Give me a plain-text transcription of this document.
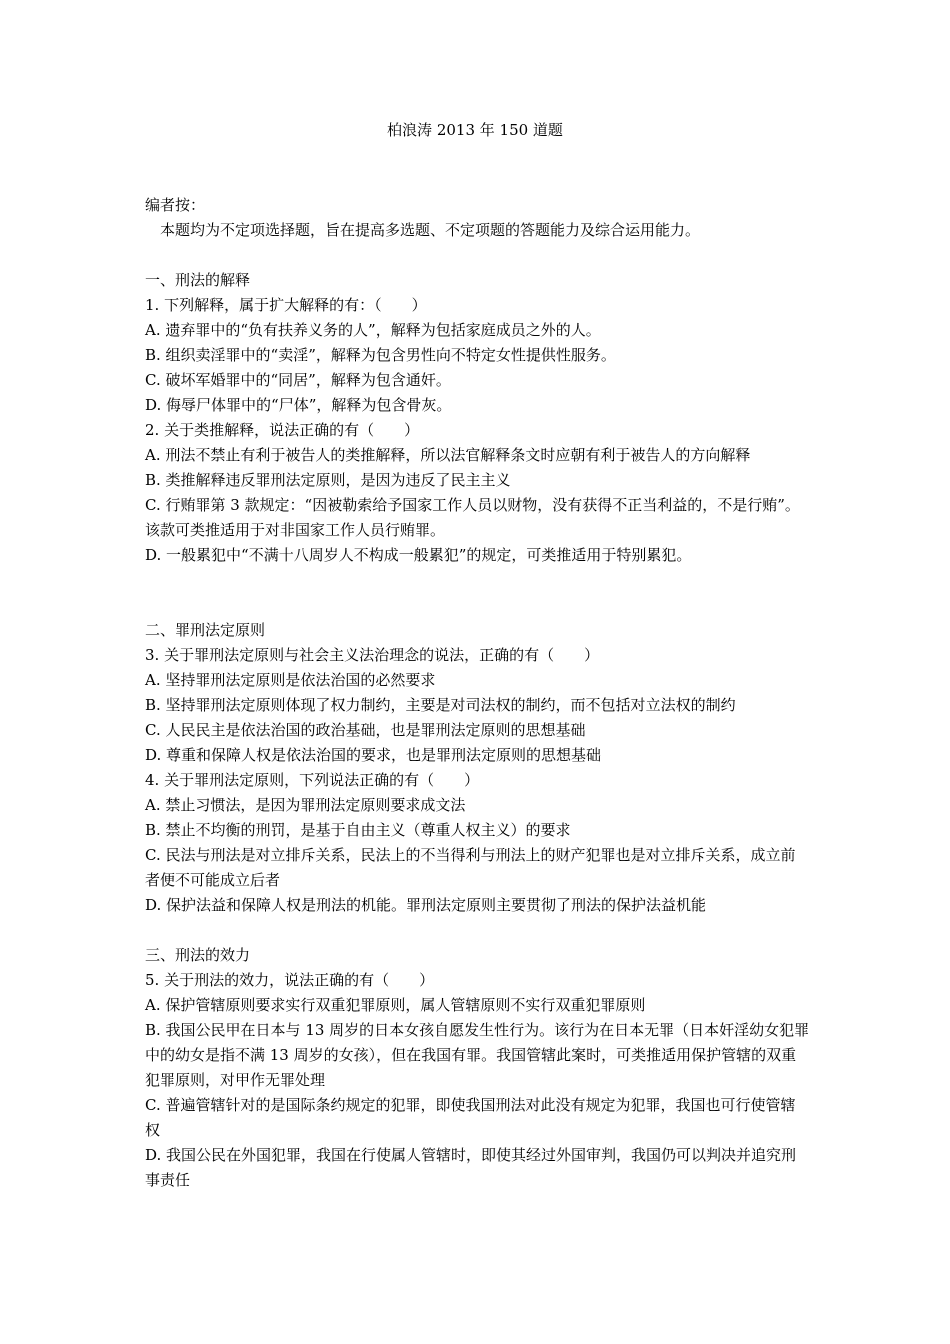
柏浪涛 2013 年 150 道题

编者按：

本题均为不定项选择题，旨在提高多选题、不定项题的答题能力及综合运用能力。

一、刑法的解释

1. 下列解释，属于扩大解释的有：（　　）

A. 遗弃罪中的“负有扶养义务的人”，解释为包括家庭成员之外的人。

B. 组织卖淫罪中的“卖淫”，解释为包含男性向不特定女性提供性服务。

C. 破坏军婚罪中的“同居”，解释为包含通奸。

D. 侮辱尸体罪中的“尸体”，解释为包含骨灰。

2. 关于类推解释，说法正确的有（　　）

A. 刑法不禁止有利于被告人的类推解释，所以法官解释条文时应朝有利于被告人的方向解释

B. 类推解释违反罪刑法定原则，是因为违反了民主主义

C. 行贿罪第 3 款规定：“因被勒索给予国家工作人员以财物，没有获得不正当利益的，不是行贿”。该款可类推适用于对非国家工作人员行贿罪。

D. 一般累犯中“不满十八周岁人不构成一般累犯”的规定，可类推适用于特别累犯。

二、罪刑法定原则

3. 关于罪刑法定原则与社会主义法治理念的说法，正确的有（　　）

A. 坚持罪刑法定原则是依法治国的必然要求

B. 坚持罪刑法定原则体现了权力制约，主要是对司法权的制约，而不包括对立法权的制约

C. 人民民主是依法治国的政治基础，也是罪刑法定原则的思想基础

D. 尊重和保障人权是依法治国的要求，也是罪刑法定原则的思想基础

4. 关于罪刑法定原则，下列说法正确的有（　　）

A. 禁止习惯法，是因为罪刑法定原则要求成文法

B. 禁止不均衡的刑罚，是基于自由主义（尊重人权主义）的要求

C. 民法与刑法是对立排斥关系，民法上的不当得利与刑法上的财产犯罪也是对立排斥关系，成立前者便不可能成立后者

D. 保护法益和保障人权是刑法的机能。罪刑法定原则主要贯彻了刑法的保护法益机能

三、刑法的效力

5. 关于刑法的效力，说法正确的有（　　）

A. 保护管辖原则要求实行双重犯罪原则，属人管辖原则不实行双重犯罪原则

B. 我国公民甲在日本与 13 周岁的日本女孩自愿发生性行为。该行为在日本无罪（日本奸淫幼女犯罪中的幼女是指不满 13 周岁的女孩），但在我国有罪。我国管辖此案时，可类推适用保护管辖的双重犯罪原则，对甲作无罪处理

C. 普遍管辖针对的是国际条约规定的犯罪，即使我国刑法对此没有规定为犯罪，我国也可行使管辖权

D. 我国公民在外国犯罪，我国在行使属人管辖时，即使其经过外国审判，我国仍可以判决并追究刑事责任
